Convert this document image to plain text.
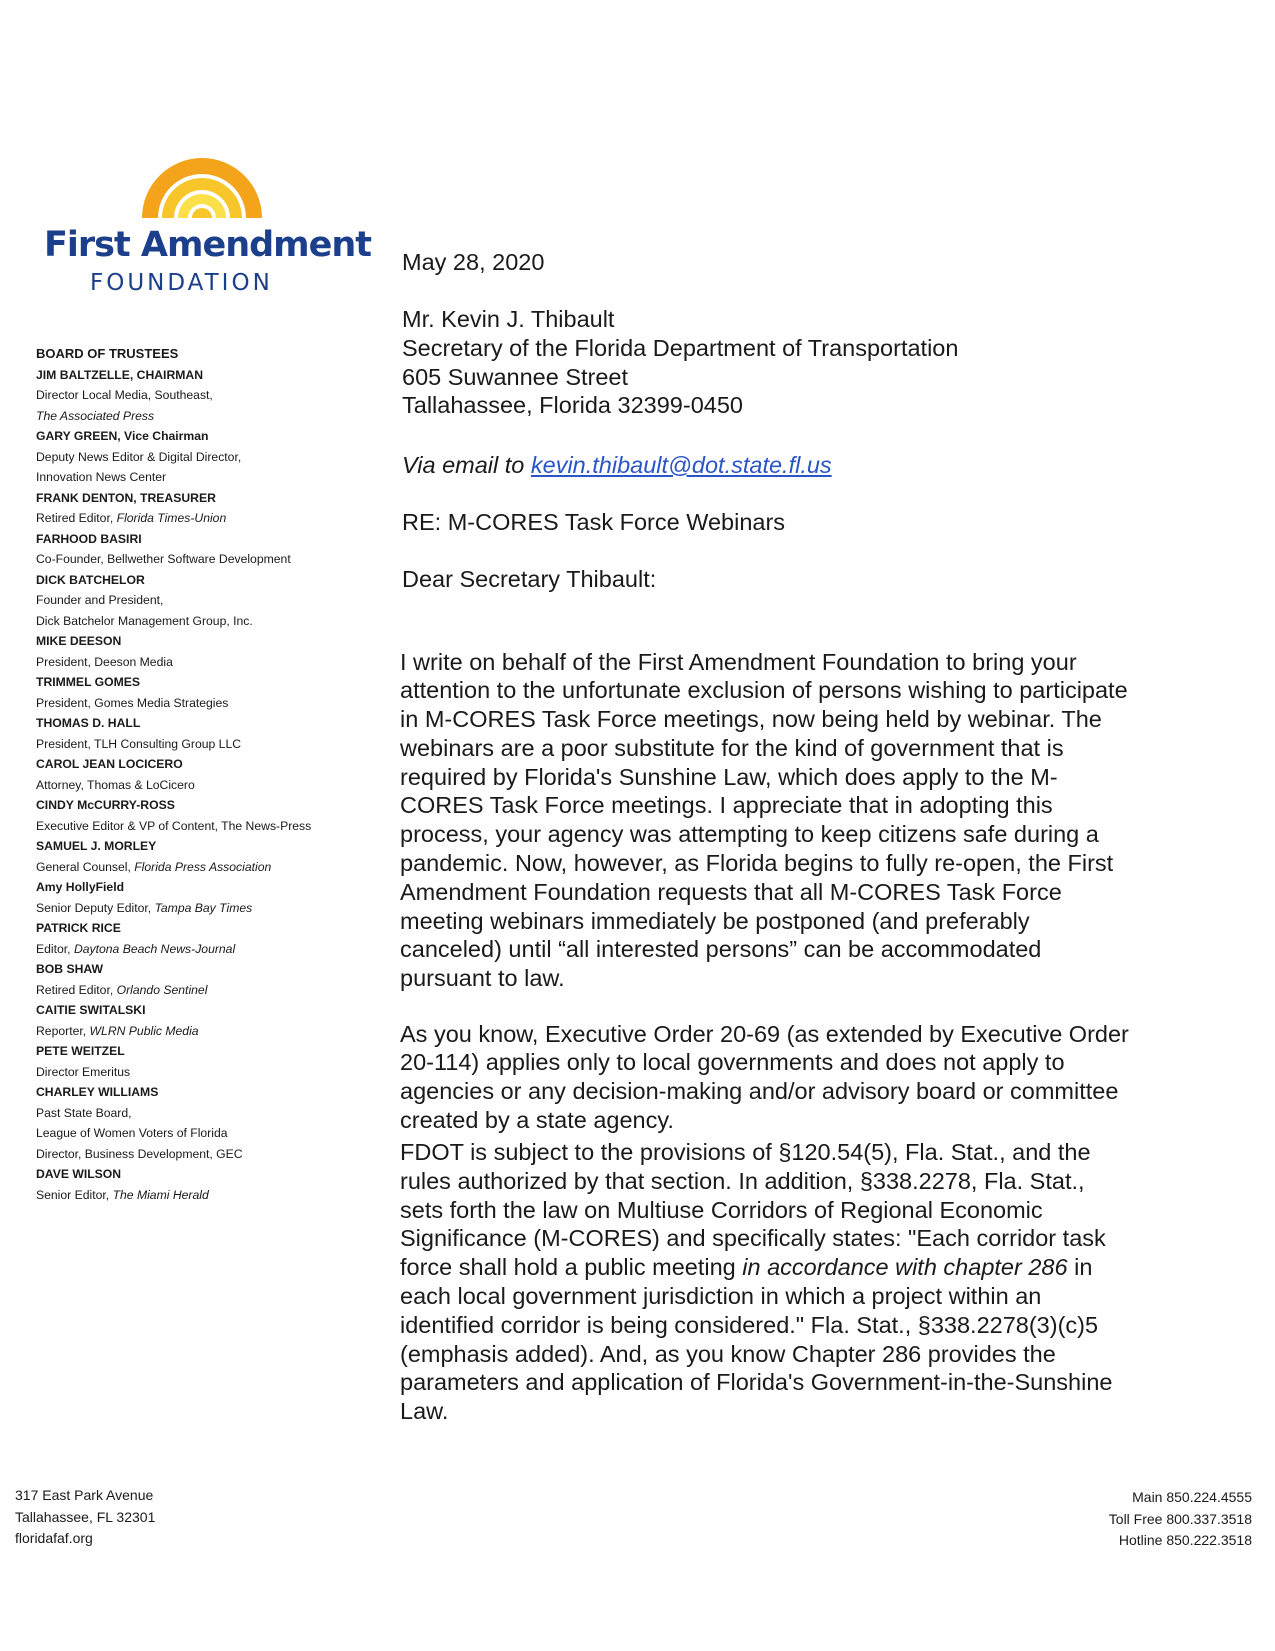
First Amendment
FOUNDATION
BOARD OF TRUSTEES
JIM BALTZELLE, CHAIRMAN
Director Local Media, Southeast,
The Associated Press
GARY GREEN, Vice Chairman
Deputy News Editor & Digital Director,
Innovation News Center
FRANK DENTON, TREASURER
Retired Editor, Florida Times-Union
FARHOOD BASIRI
Co-Founder, Bellwether Software Development
DICK BATCHELOR
Founder and President,
Dick Batchelor Management Group, Inc.
MIKE DEESON
President, Deeson Media
TRIMMEL GOMES
President, Gomes Media Strategies
THOMAS D. HALL
President, TLH Consulting Group LLC
CAROL JEAN LOCICERO
Attorney, Thomas & LoCicero
CINDY McCURRY-ROSS
Executive Editor & VP of Content, The News-Press
SAMUEL J. MORLEY
General Counsel, Florida Press Association
Amy HollyField
Senior Deputy Editor, Tampa Bay Times
PATRICK RICE
Editor, Daytona Beach News-Journal
BOB SHAW
Retired Editor, Orlando Sentinel
CAITIE SWITALSKI
Reporter, WLRN Public Media
PETE WEITZEL
Director Emeritus
CHARLEY WILLIAMS
Past State Board,
League of Women Voters of Florida
Director, Business Development, GEC
DAVE WILSON
Senior Editor, The Miami Herald
May 28, 2020
Mr. Kevin J. Thibault
Secretary of the Florida Department of Transportation
605 Suwannee Street
Tallahassee, Florida 32399-0450
Via email to kevin.thibault@dot.state.fl.us
RE: M-CORES Task Force Webinars
Dear Secretary Thibault:

I write on behalf of the First Amendment Foundation to bring your attention to the unfortunate exclusion of persons wishing to participate in M-CORES Task Force meetings, now being held by webinar. The webinars are a poor substitute for the kind of government that is required by Florida's Sunshine Law, which does apply to the M-CORES Task Force meetings. I appreciate that in adopting this process, your agency was attempting to keep citizens safe during a pandemic. Now, however, as Florida begins to fully re-open, the First Amendment Foundation requests that all M-CORES Task Force meeting webinars immediately be postponed (and preferably canceled) until “all interested persons” can be accommodated pursuant to law.

As you know, Executive Order 20-69 (as extended by Executive Order 20-114) applies only to local governments and does not apply to agencies or any decision-making and/or advisory board or committee created by a state agency.

FDOT is subject to the provisions of §120.54(5), Fla. Stat., and the rules authorized by that section. In addition, §338.2278, Fla. Stat., sets forth the law on Multiuse Corridors of Regional Economic Significance (M-CORES) and specifically states: "Each corridor task force shall hold a public meeting in accordance with chapter 286 in each local government jurisdiction in which a project within an identified corridor is being considered." Fla. Stat., §338.2278(3)(c)5 (emphasis added). And, as you know Chapter 286 provides the parameters and application of Florida's Government-in-the-Sunshine Law.

317 East Park Avenue
Tallahassee, FL 32301
floridafaf.org
Main 850.224.4555
Toll Free 800.337.3518
Hotline 850.222.3518
